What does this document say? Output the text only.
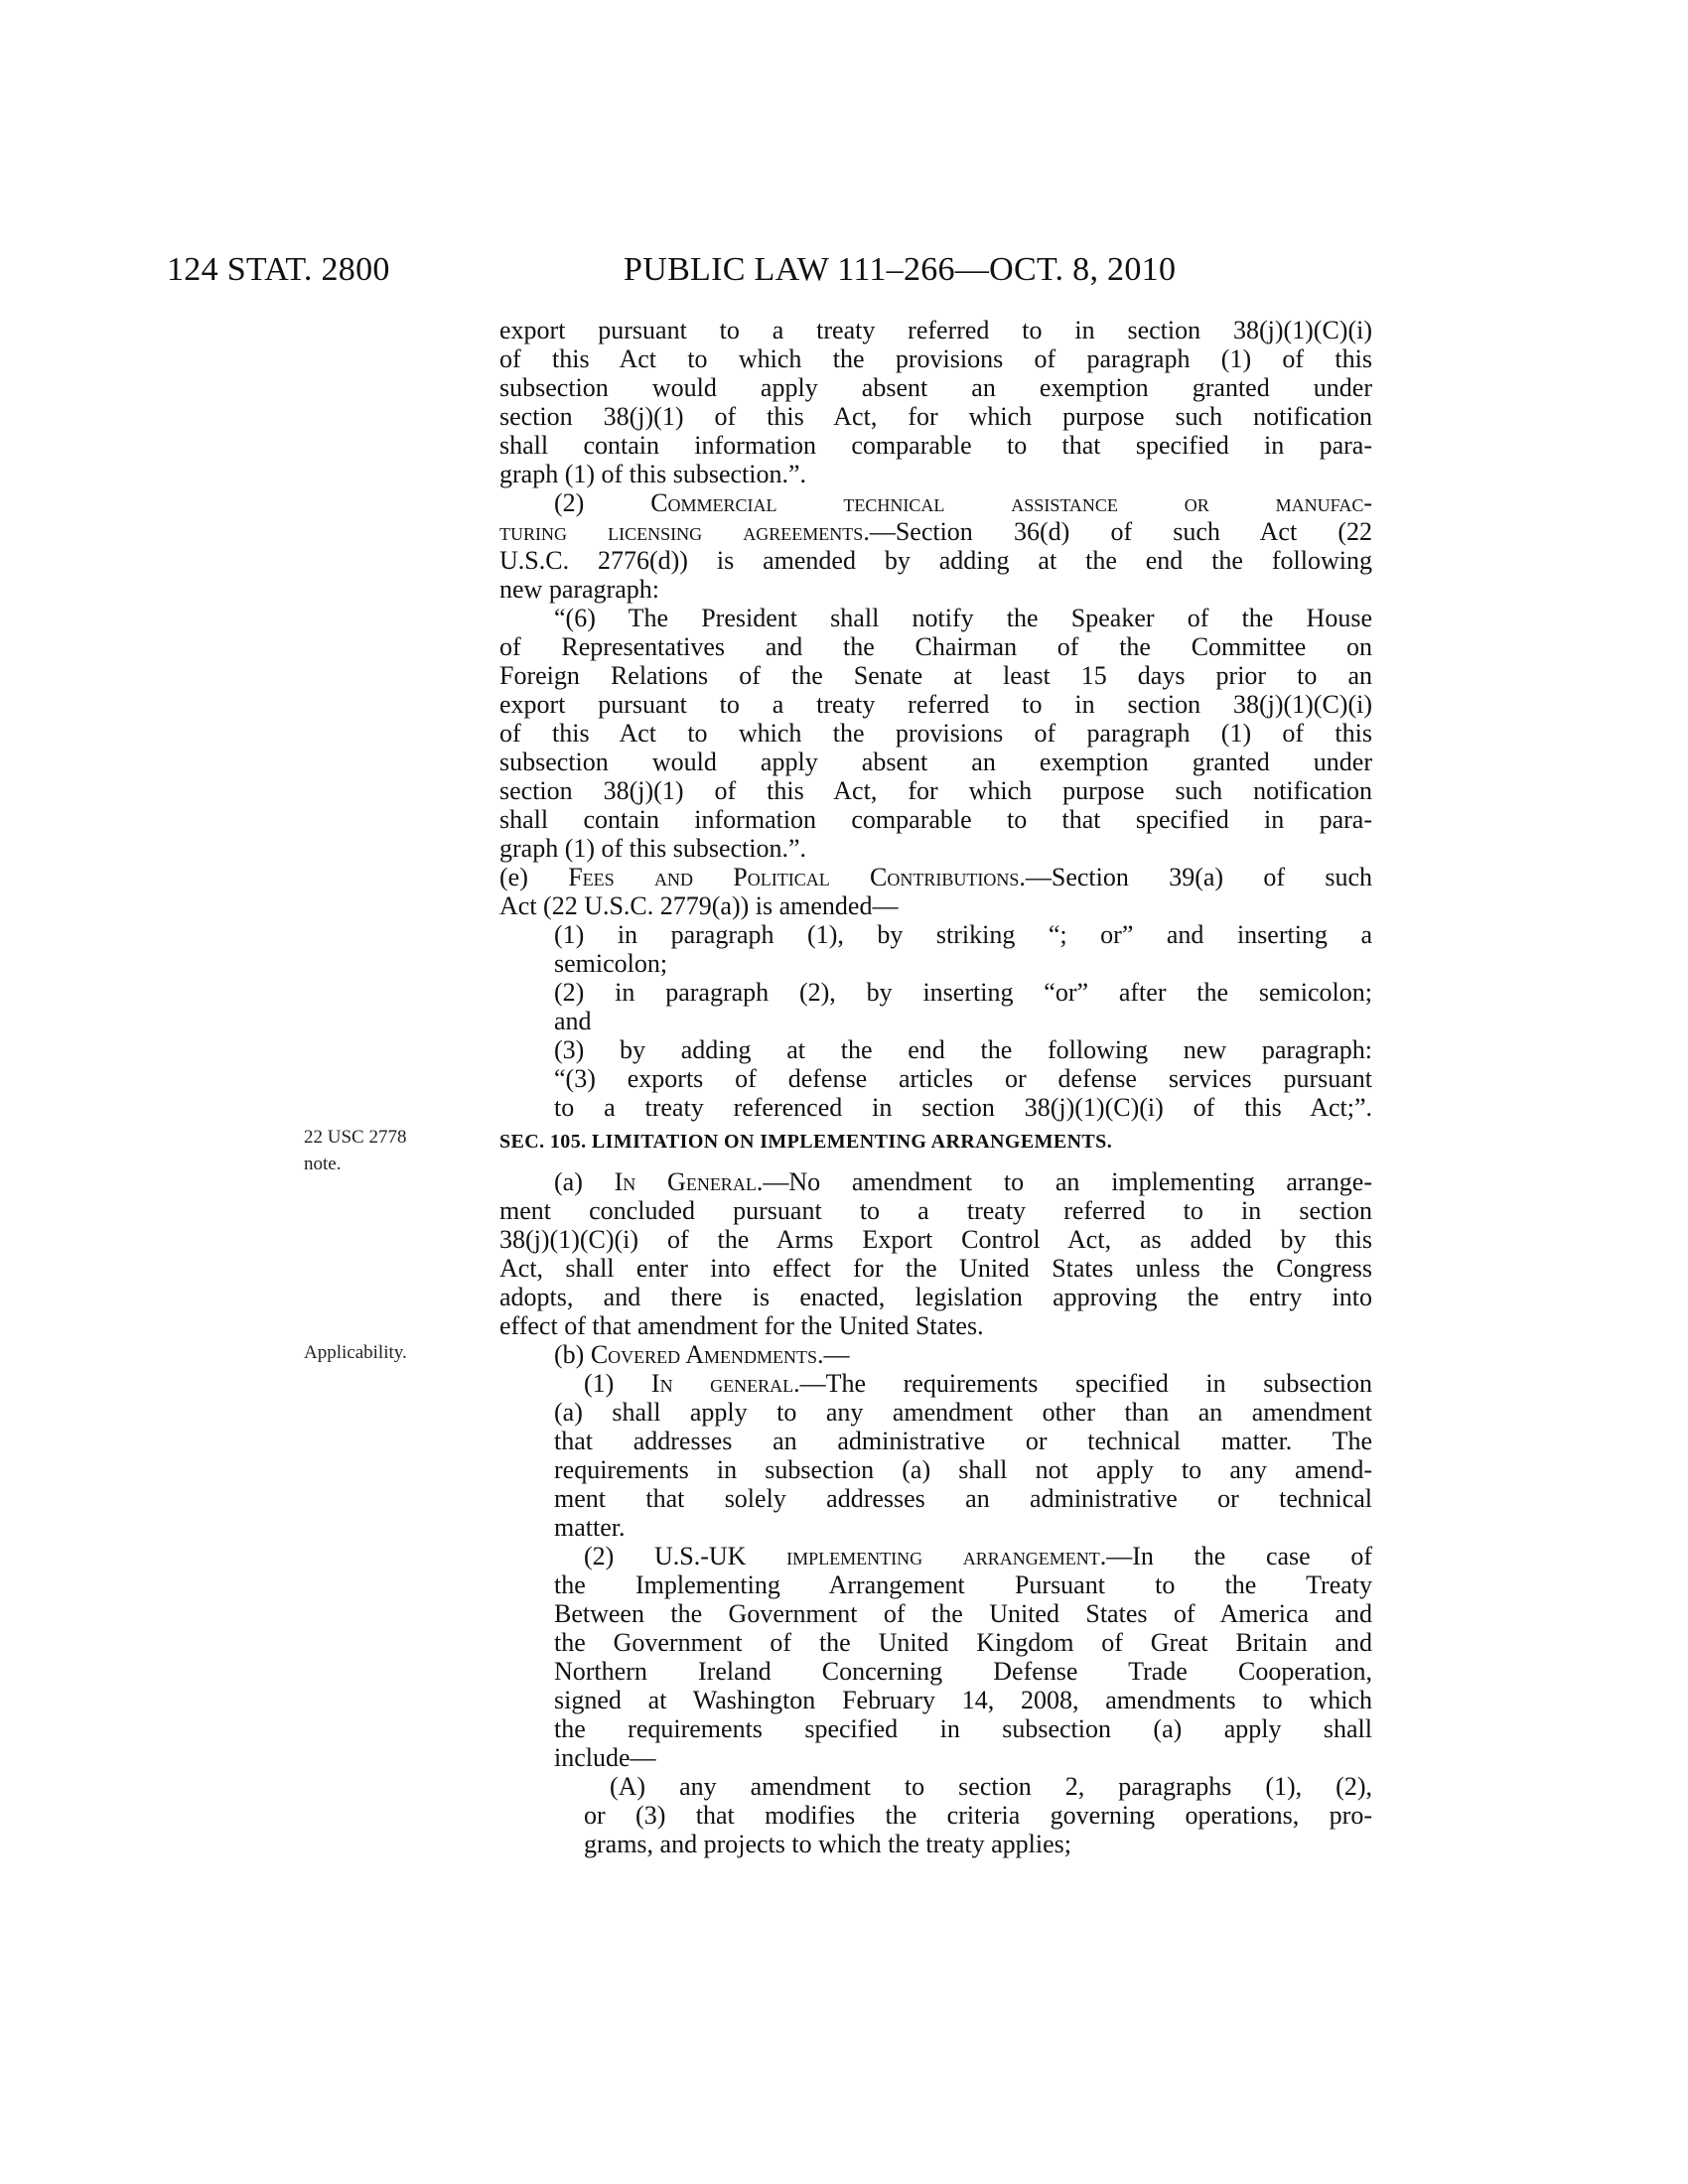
124 STAT. 2800	PUBLIC LAW 111–266—OCT. 8, 2010
22 USC 2778
note.
Applicability.
export pursuant to a treaty referred to in section 38(j)(1)(C)(i)
of this Act to which the provisions of paragraph (1) of this
subsection would apply absent an exemption granted under
section 38(j)(1) of this Act, for which purpose such notification
shall contain information comparable to that specified in para-
graph (1) of this subsection.”.
(2) Commercial technical assistance or manufac-
turing licensing agreements.—Section 36(d) of such Act (22
U.S.C. 2776(d)) is amended by adding at the end the following
new paragraph:
“(6) The President shall notify the Speaker of the House
of Representatives and the Chairman of the Committee on
Foreign Relations of the Senate at least 15 days prior to an
export pursuant to a treaty referred to in section 38(j)(1)(C)(i)
of this Act to which the provisions of paragraph (1) of this
subsection would apply absent an exemption granted under
section 38(j)(1) of this Act, for which purpose such notification
shall contain information comparable to that specified in para-
graph (1) of this subsection.”.
(e) Fees and Political Contributions.—Section 39(a) of such
Act (22 U.S.C. 2779(a)) is amended—
(1) in paragraph (1), by striking “; or” and inserting a
semicolon;
(2) in paragraph (2), by inserting “or” after the semicolon;
and
(3) by adding at the end the following new paragraph:
“(3) exports of defense articles or defense services pursuant
to a treaty referenced in section 38(j)(1)(C)(i) of this Act;”.
SEC. 105. LIMITATION ON IMPLEMENTING ARRANGEMENTS.
(a) In General.—No amendment to an implementing arrange-
ment concluded pursuant to a treaty referred to in section
38(j)(1)(C)(i) of the Arms Export Control Act, as added by this
Act, shall enter into effect for the United States unless the Congress
adopts, and there is enacted, legislation approving the entry into
effect of that amendment for the United States.
(b) Covered Amendments.—
(1) In general.—The requirements specified in subsection
(a) shall apply to any amendment other than an amendment
that addresses an administrative or technical matter. The
requirements in subsection (a) shall not apply to any amend-
ment that solely addresses an administrative or technical
matter.
(2) U.S.-UK implementing arrangement.—In the case of
the Implementing Arrangement Pursuant to the Treaty
Between the Government of the United States of America and
the Government of the United Kingdom of Great Britain and
Northern Ireland Concerning Defense Trade Cooperation,
signed at Washington February 14, 2008, amendments to which
the requirements specified in subsection (a) apply shall
include—
(A) any amendment to section 2, paragraphs (1), (2),
or (3) that modifies the criteria governing operations, pro-
grams, and projects to which the treaty applies;
